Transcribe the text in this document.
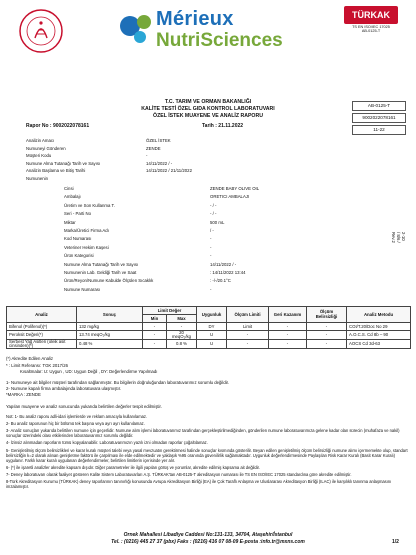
Mérieux
NutriSciences
TÜRKAK
TS EN ISO/IEC 17025
AB-0125-T
AB-0125-T
9002022078161
11-22
T.C. TARIM VE ORMAN BAKANLIĞI
KALİTE TESTİ ÖZEL GIDA KONTROL LABORATUVARI
ÖZEL İSTEK MUAYENE VE ANALİZ RAPORU
Rapor No : 9002022078161	Tarih : 21.11.2022
Analizin Amacı	ÖZEL İSTEK
Numuneyi Gönderen	ZENDE
Müşteri Kodu	-
Numune Alma Tutanağı Tarih ve Sayısı	14/11/2022 / -
Analizin Başlama ve Bitiş Tarihi	14/11/2022 / 21/11/2022
Numunenin
Cinsi	ZENDE BABY OLIVE OIL
Ambalajı	ORETICI AMBALAJI
Üretim ve Son Kullanma T.	- / -
Seri - Parti No	- / -
Miktar	500 mL
Marka/Üretici Firma Adı	/ -
Kod Numarası	-
Veteriner Hekim Kaşesi	-
Ürün Kategorisi	-
Numune Alma Tutanağı Tarih ve Sayısı	14/11/2022 / -
Numunenin Lab. Geldiği Tarih ve Saat	: 14/11/2022 13:44
Ürün/Reyon/Numune Kabulde Ölçülen Sıcaklık	: -/-/20.1°C
Numune Numarası	-
2-10 / 8/6 / Rev.2
Analiz	Sonuç	Limit Değer		Uygunluk	Ölçüm Limiti	Geri Kazanım	Ölçüm Belirsizliği	Analiz Metodu
		Min	Max					
Bifenol (Polifenol)(*)	132 mg/kg	-	-	DY	Limit	-	-	COI/T.20/Doc No 29
Peroksit Değeri(*)	13.74 meqO₂/kg	-	20 meqO₂/kg	U	-	-	-	A.O.C.S. Cd 8b – 90
Serbest Yağ Asitleri (oleik asit cinsinden)(*)	0.48 %	-	0.8 %	U	-	-	-	AOCS Cd 3d-63
(*) Akredite Edilen Analiz
* : Limit Referansı: TGK 2017/26
Kısaltmalar: U: Uygun , UD: Uygun Değil , DY: Değerlendirme Yapılmadı
1- Numuneye ait bilgiler müşteri tarafından sağlanmıştır. Bu bilgilerin doğruluğundan laboratuvarımız sorumlu değildir.
2- Numune kapalı firma ambalajında laboratuvara ulaşmıştır.
*MARKA : ZENDE
Yapılan muayene ve analiz sonucunda yukarıda belirtilen değerler tespit edilmiştir.

Not: 1- Bu analiz raporu adli-idari işlemlerde ve reklam amacıyla kullanılamaz.

2- Bu analiz raporunun hiç bir bölümü tek başına veya ayrı ayrı kullanılamaz.

3- Analiz sonuçları yukarıda belirtilen numune için geçerlidir. Numune alım işlemi laboratuvarımız tarafından gerçekleştirilmediğinden, gönderilen numune laboratuvarımıza gelene kadar olan sürecin (muhafaza ve nakil) sonuçlar üzerindeki olası etkilerinden laboratuvarımız sorumlu değildir.

4- İzinsiz alınmadan raporların tümü kopyalanabilir. Laboratuvarımızın yazılı izni olmadan raporlar çoğaltılamaz.

5- Genişletilmiş ölçüm belirsizlikleri ve karar kuralı müşteri talebi veya yasal mevzuatın gerektirmesi halinde sonuçlar kısmında gösterilir. Beyan edilen genişletilmiş ölçüm belirsizliği numune alımı içermemekte olup, standart belirsizliğin k=2 olarak alınan genişletme faktörü ile çarpılması ile elde edilmektedir ve yaklaşık %95 oranında güvenilirlik sağlamaktadır. Uygunluk değerlendirmesinde Paylaşılan Risk Karar Kuralı (Basit Karar Kuralı) uygulanır. Farklı karar kuralı uygulanan değerlendirmeler, belirtilen limitlerin içerisinde yer alır.

6- (*) ile işaretli analizler akredite kapsam dışıdır. Diğer parametreler ile ilgili yapılan görüş ve yorumlar, akredite edilmiş kapsama ait değildir.

7- Deney laboratuvarı olarak faaliyet gösteren Kalite Sistem Laboratuvarları A.Ş. TÜRKAK'tan AB-0125-T akreditasyon numarası ile TS EN ISO/IEC 17025 standardına göre akredite edilmiştir.

8-Türk Akreditasyon Kurumu (TÜRKAK) deney raporlarının tanınırlığı konusunda Avrupa Akreditasyon Birliği (EA) ile Çok Taraflı Anlaşma ve Uluslararası Akreditasyon Birliği (ILAC) ile karşılıklı tanınma anlaşmasını imzalamıştır.

Ornek Mahallesi Libadiye Caddesi No:131-133, 34704, Ataşehir/İstanbul
Tel. : (0216) 445 27 37 (pbx) Faks : (0216) 416 07 08-09 E-posta :info.tr@mxns.com	1/2
